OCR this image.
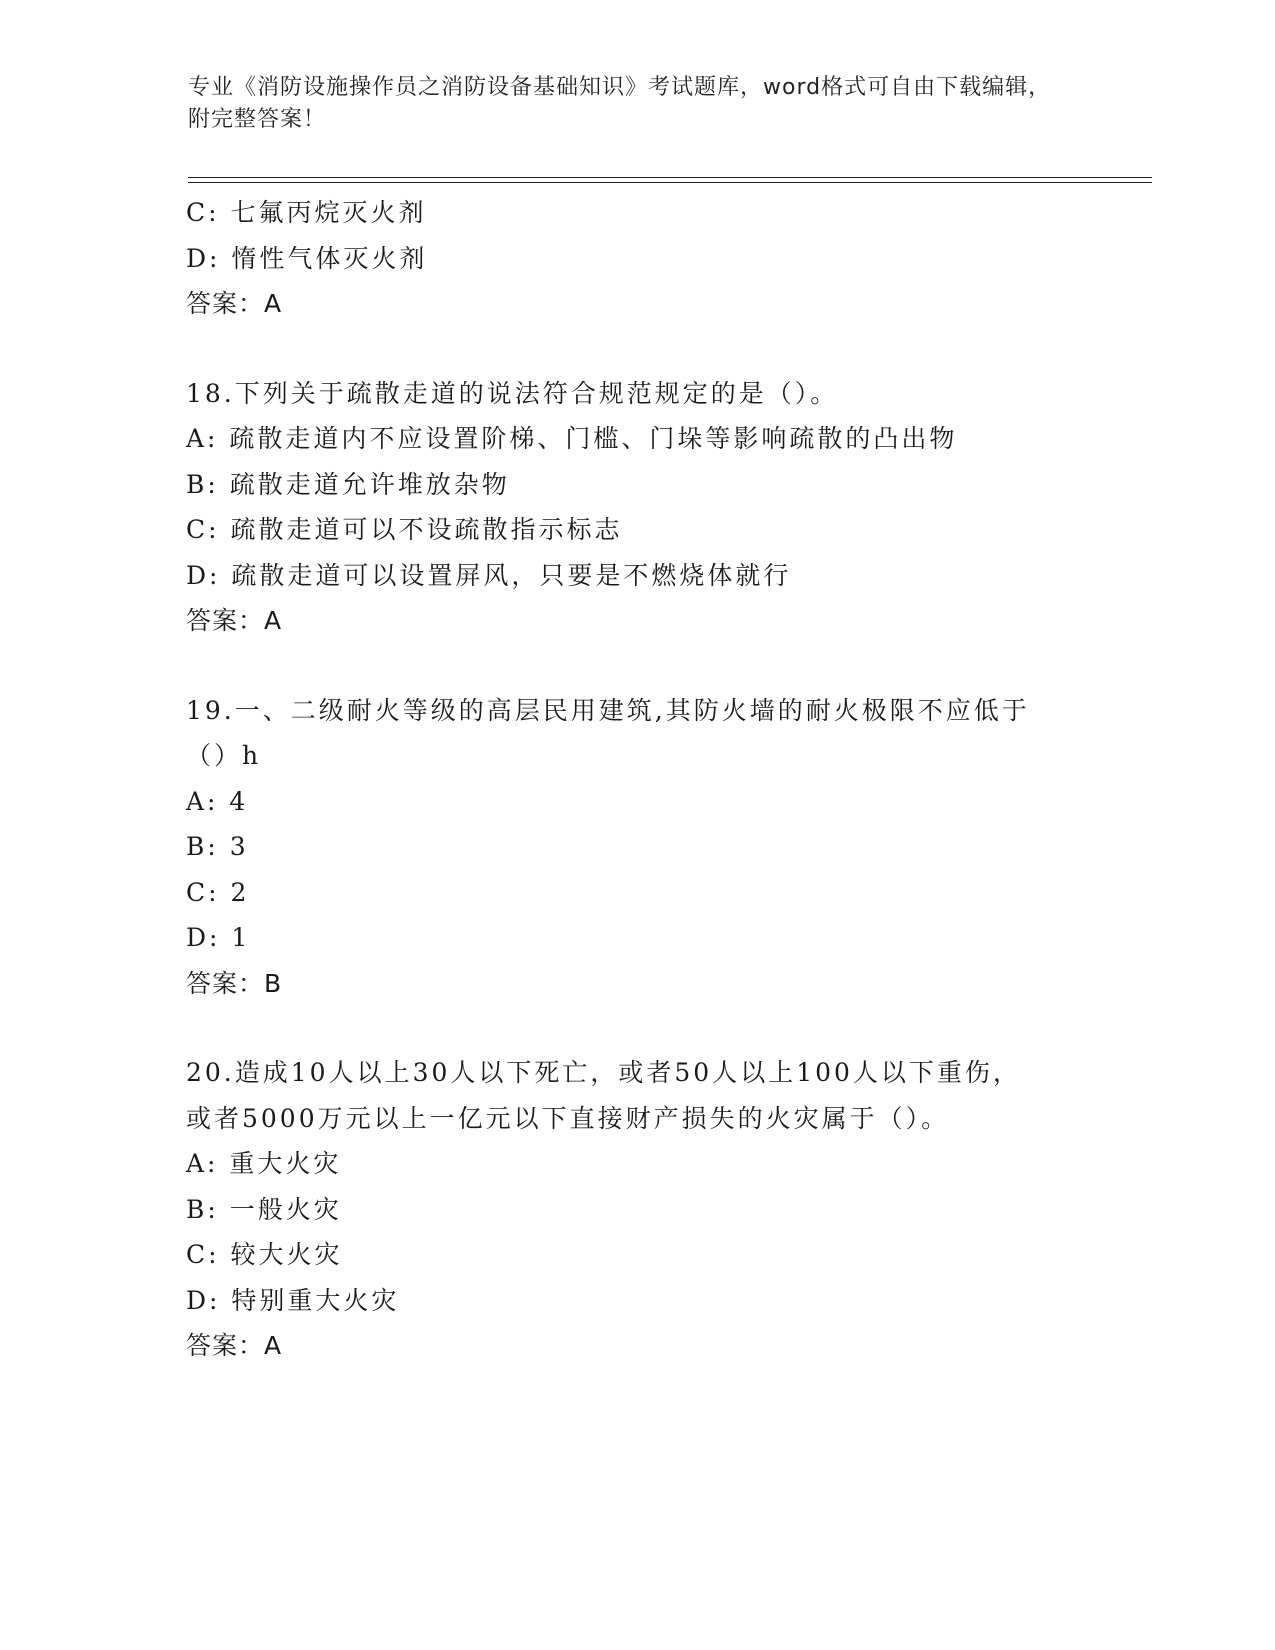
专业《消防设施操作员之消防设备基础知识》考试题库，word格式可自由下载编辑，附完整答案！
C: 七氟丙烷灭火剂
D: 惰性气体灭火剂
答案：A
18.下列关于疏散走道的说法符合规范规定的是（）。
A: 疏散走道内不应设置阶梯、门槛、门垛等影响疏散的凸出物
B: 疏散走道允许堆放杂物
C: 疏散走道可以不设疏散指示标志
D: 疏散走道可以设置屏风，只要是不燃烧体就行
答案：A
19.一、二级耐火等级的高层民用建筑,其防火墙的耐火极限不应低于
（）h
A: 4
B: 3
C: 2
D: 1
答案：B
20.造成10人以上30人以下死亡，或者50人以上100人以下重伤，
或者5000万元以上一亿元以下直接财产损失的火灾属于（）。
A: 重大火灾
B: 一般火灾
C: 较大火灾
D: 特别重大火灾
答案：A
